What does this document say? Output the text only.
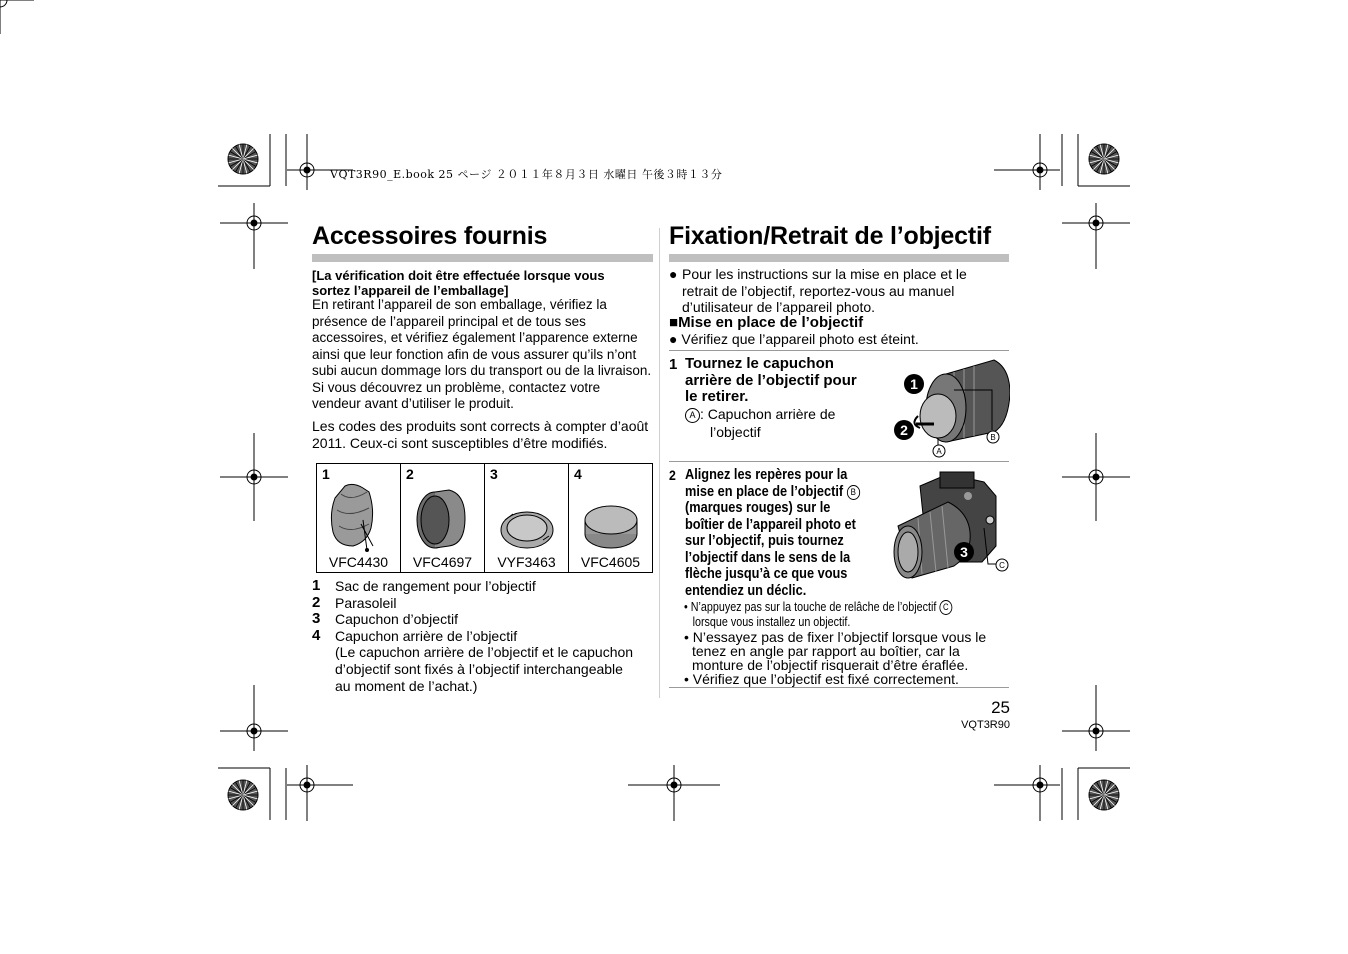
VQT3R90_E.book 25 ページ ２０１１年８月３日 水曜日 午後３時１３分
Accessoires fournis
[La vérification doit être effectuée lorsque vous sortez l’appareil de l’emballage]
En retirant l’appareil de son emballage, vérifiez la
présence de l’appareil principal et de tous ses
accessoires, et vérifiez également l’apparence externe
ainsi que leur fonction afin de vous assurer qu’ils n’ont
subi aucun dommage lors du transport ou de la livraison.
Si vous découvrez un problème, contactez votre
vendeur avant d’utiliser le produit.
Les codes des produits sont corrects à compter d’août
2011. Ceux-ci sont susceptibles d’être modifiés.
1
VFC4430
2
VFC4697
3
VYF3463
4
VFC4605
1	Sac de rangement pour l’objectif
2	Parasoleil
3	Capuchon d’objectif
4	Capuchon arrière de l’objectif
(Le capuchon arrière de l’objectif et le capuchon
d’objectif sont fixés à l’objectif interchangeable
au moment de l’achat.)
Fixation/Retrait de l’objectif
● Pour les instructions sur la mise en place et le
retrait de l’objectif, reportez-vous au manuel
d’utilisateur de l’appareil photo.
■Mise en place de l’objectif
● Vérifiez que l’appareil photo est éteint.
1 Tournez le capuchon
arrière de l’objectif pour
le retirer.
A : Capuchon arrière de
l’objectif
1
2	B
A
2 Alignez les repères pour la
mise en place de l’objectif B
(marques rouges) sur le
boîtier de l’appareil photo et
sur l’objectif, puis tournez
l’objectif dans le sens de la
flèche jusqu’à ce que vous
entendiez un déclic.
3
C
• N’appuyez pas sur la touche de relâche de l’objectif C
lorsque vous installez un objectif.
• N’essayez pas de fixer l’objectif lorsque vous le
tenez en angle par rapport au boîtier, car la
monture de l’objectif risquerait d’être éraflée.
• Vérifiez que l’objectif est fixé correctement.
25
VQT3R90
